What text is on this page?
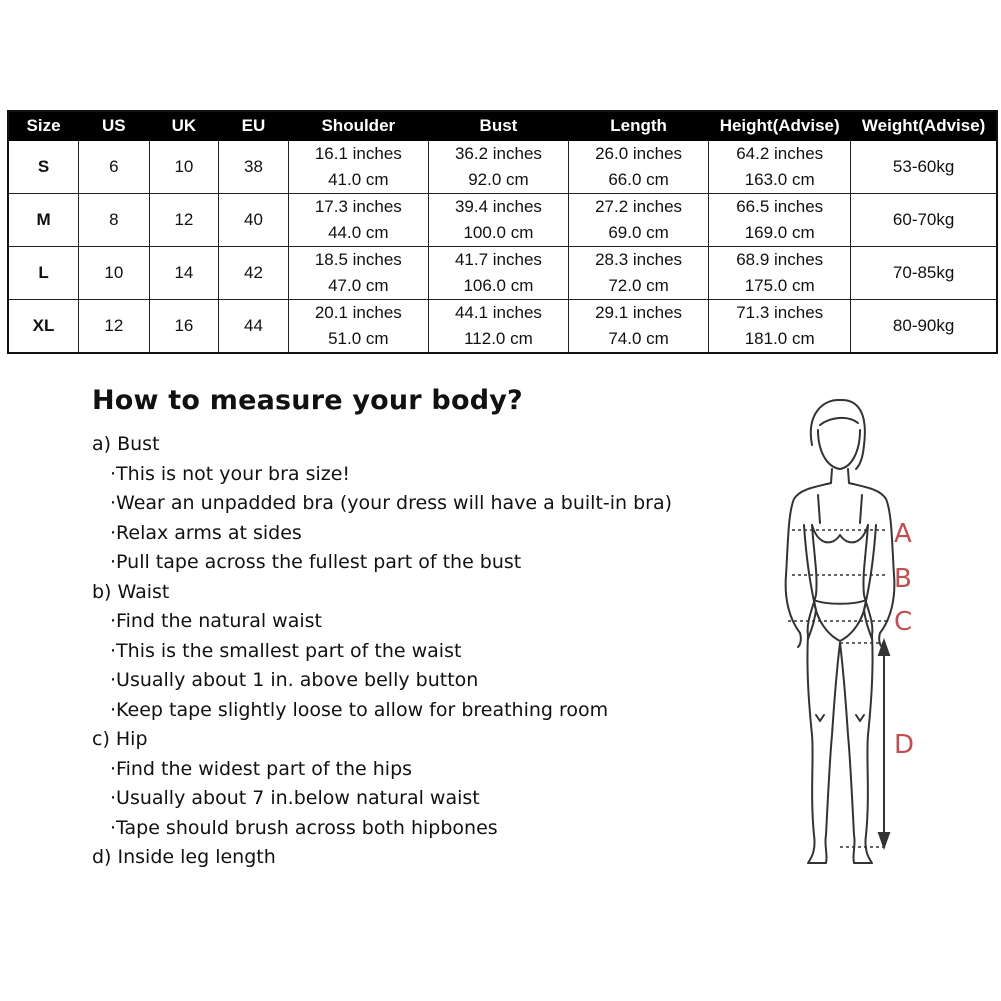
Size	US	UK	EU	Shoulder	Bust	Length	Height(Advise)	Weight(Advise)
S	6	10	38	16.1 inches	36.2 inches	26.0 inches	64.2 inches	53-60kg
				41.0 cm	92.0 cm	66.0 cm	163.0 cm	
M	8	12	40	17.3 inches	39.4 inches	27.2 inches	66.5 inches	60-70kg
				44.0 cm	100.0 cm	69.0 cm	169.0 cm	
L	10	14	42	18.5 inches	41.7 inches	28.3 inches	68.9 inches	70-85kg
				47.0 cm	106.0 cm	72.0 cm	175.0 cm	
XL	12	16	44	20.1 inches	44.1 inches	29.1 inches	71.3 inches	80-90kg
				51.0 cm	112.0 cm	74.0 cm	181.0 cm	
How to measure your body?
a) Bust
·This is not your bra size!
·Wear an unpadded bra (your dress will have a built-in bra)
·Relax arms at sides
·Pull tape across the fullest part of the bust
b) Waist
·Find the natural waist
·This is the smallest part of the waist
·Usually about 1 in. above belly button
·Keep tape slightly loose to allow for breathing room
c) Hip
·Find the widest part of the hips
·Usually about 7 in.below natural waist
·Tape should brush across both hipbones
d) Inside leg length
A
B
C
D
